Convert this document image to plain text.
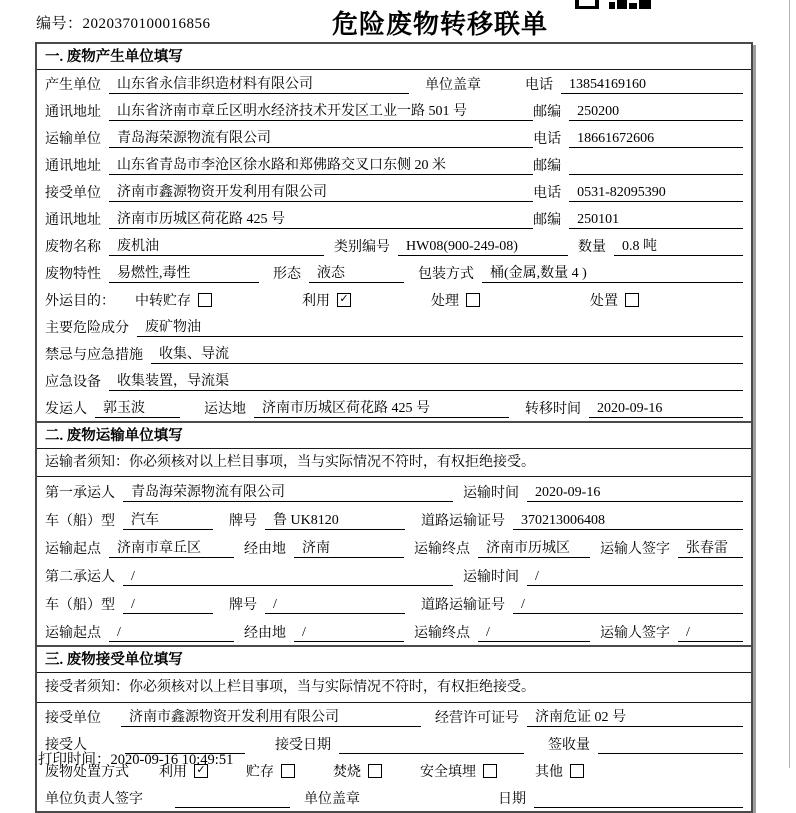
编号：2020370100016856	危险废物转移联单
一. 废物产生单位填写
产生单位	山东省永信非织造材料有限公司	单位盖章	电话	13854169160
通讯地址	山东省济南市章丘区明水经济技术开发区工业一路 501 号	邮编	250200
运输单位	青岛海荣源物流有限公司	电话	18661672606
通讯地址	山东省青岛市李沧区徐水路和郑佛路交叉口东侧 20 米	邮编
接受单位	济南市鑫源物资开发利用有限公司	电话	0531-82095390
通讯地址	济南市历城区荷花路 425 号	邮编	250101
废物名称	废机油	类别编号	HW08(900-249-08)	数量	0.8 吨
废物特性	易燃性,毒性	形态	液态	包装方式	桶(金属,数量 4 )
外运目的：	中转贮存	利用 ✓	处理	处置
主要危险成分	废矿物油
禁忌与应急措施	收集、导流
应急设备	收集装置，导流渠
发运人	郭玉波	运达地	济南市历城区荷花路 425 号	转移时间	2020-09-16
二. 废物运输单位填写
运输者须知：你必须核对以上栏目事项，当与实际情况不符时，有权拒绝接受。
第一承运人	青岛海荣源物流有限公司	运输时间	2020-09-16
车（船）型	汽车	牌号	鲁 UK8120	道路运输证号	370213006408
运输起点	济南市章丘区	经由地	济南	运输终点	济南市历城区	运输人签字	张春雷
第二承运人	/	运输时间	/
车（船）型	/	牌号	/	道路运输证号	/
运输起点	/	经由地	/	运输终点	/	运输人签字	/
三. 废物接受单位填写
接受者须知：你必须核对以上栏目事项，当与实际情况不符时，有权拒绝接受。
接受单位	济南市鑫源物资开发利用有限公司	经营许可证号	济南危证 02 号
接受人	接受日期	签收量
废物处置方式	利用 ✓	贮存	焚烧	安全填埋	其他
单位负责人签字	单位盖章	日期
打印时间：2020-09-16 10:49:51
